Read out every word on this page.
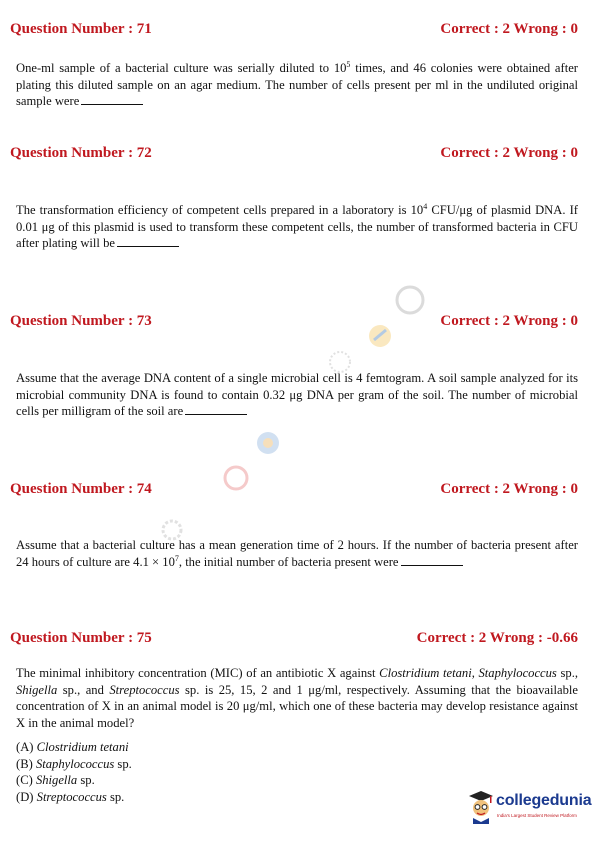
Question Number : 71	Correct : 2 Wrong : 0
One-ml sample of a bacterial culture was serially diluted to $10^5$ times, and 46 colonies were obtained after plating this diluted sample on an agar medium. The number of cells present per ml in the undiluted original sample were
Question Number : 72	Correct : 2 Wrong : 0
The transformation efficiency of competent cells prepared in a laboratory is $10^4$ CFU/μg of plasmid DNA. If 0.01 μg of this plasmid is used to transform these competent cells, the number of transformed bacteria in CFU after plating will be
Question Number : 73	Correct : 2 Wrong : 0
Assume that the average DNA content of a single microbial cell is 4 femtogram. A soil sample analyzed for its microbial community DNA is found to contain 0.32 μg DNA per gram of the soil. The number of microbial cells per milligram of the soil are
Question Number : 74	Correct : 2 Wrong : 0
Assume that a bacterial culture has a mean generation time of 2 hours. If the number of bacteria present after 24 hours of culture are $4.1 \times 10^7$, the initial number of bacteria present were
Question Number : 75	Correct : 2 Wrong : -0.66
The minimal inhibitory concentration (MIC) of an antibiotic X against Clostridium tetani, Staphylococcus sp., Shigella sp., and Streptococcus sp. is 25, 15, 2 and 1 μg/ml, respectively. Assuming that the bioavailable concentration of X in an animal model is 20 μg/ml, which one of these bacteria may develop resistance against X in the animal model?
(A) Clostridium tetani
(B) Staphylococcus sp.
(C) Shigella sp.
(D) Streptococcus sp.	collegedunia
India's Largest Student Review Platform
